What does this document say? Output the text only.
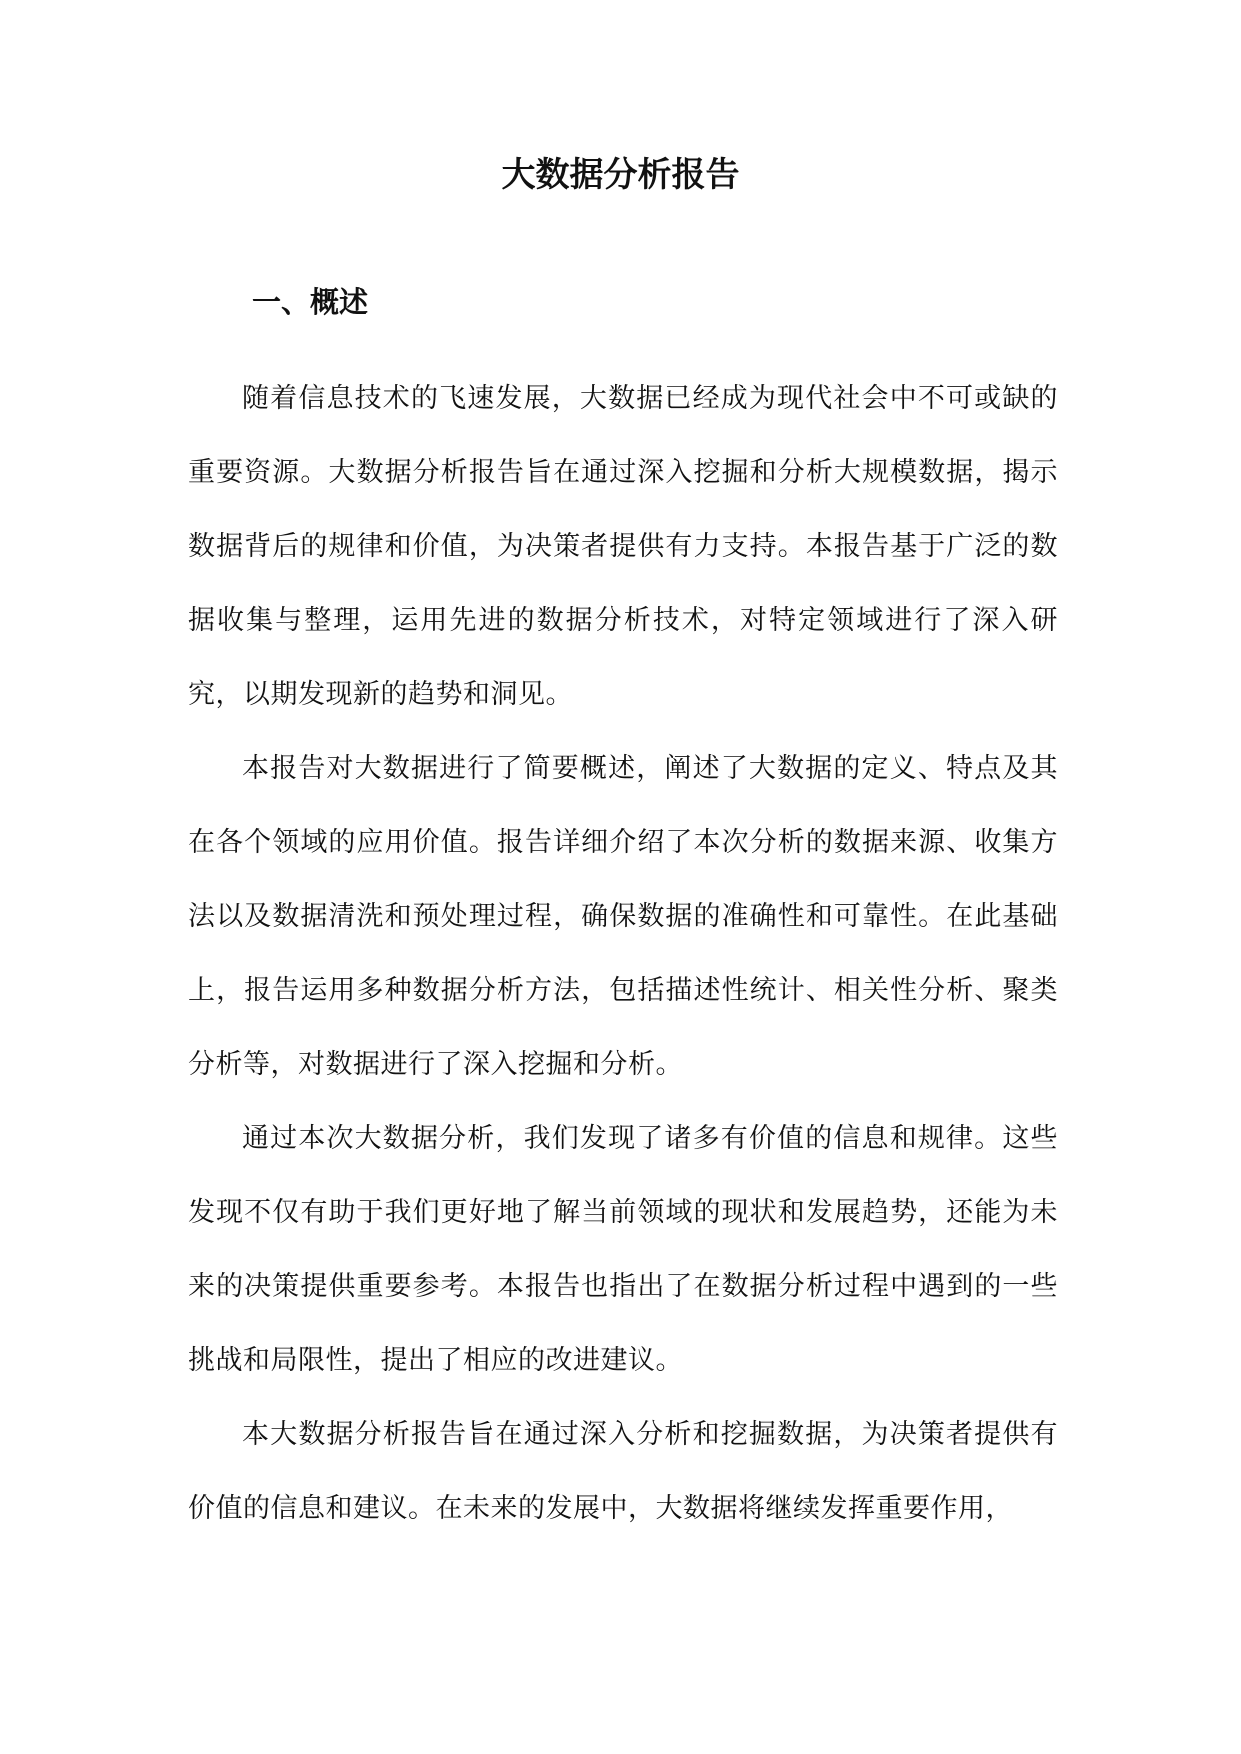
大数据分析报告
一、概述

随着信息技术的飞速发展，大数据已经成为现代社会中不可或缺的重要资源。大数据分析报告旨在通过深入挖掘和分析大规模数据，揭示数据背后的规律和价值，为决策者提供有力支持。本报告基于广泛的数据收集与整理，运用先进的数据分析技术，对特定领域进行了深入研究，以期发现新的趋势和洞见。

本报告对大数据进行了简要概述，阐述了大数据的定义、特点及其在各个领域的应用价值。报告详细介绍了本次分析的数据来源、收集方法以及数据清洗和预处理过程，确保数据的准确性和可靠性。在此基础上，报告运用多种数据分析方法，包括描述性统计、相关性分析、聚类分析等，对数据进行了深入挖掘和分析。

通过本次大数据分析，我们发现了诸多有价值的信息和规律。这些发现不仅有助于我们更好地了解当前领域的现状和发展趋势，还能为未来的决策提供重要参考。本报告也指出了在数据分析过程中遇到的一些挑战和局限性，提出了相应的改进建议。

本大数据分析报告旨在通过深入分析和挖掘数据，为决策者提供有价值的信息和建议。在未来的发展中，大数据将继续发挥重要作用，
